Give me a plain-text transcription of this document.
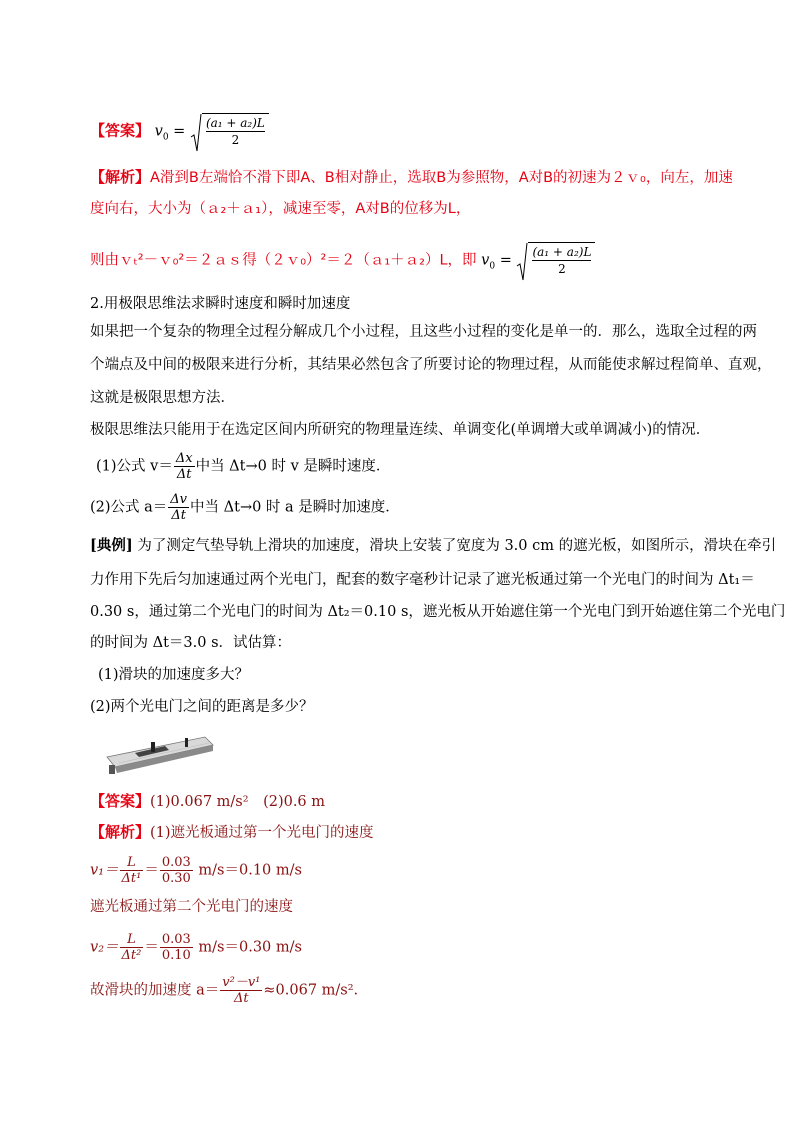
【答案】 $v_0 = \frac{\text{(a₁ + a₂)L}}{2}$
【解析】A滑到B左端恰不滑下即A、B相对静止，选取B为参照物，A对B的初速为２ｖ₀，向左，加速
度向右，大小为（ａ₂＋ａ₁），减速至零，A对B的位移为L，
则由ｖₜ²－ｖ₀²＝２ａｓ得（２ｖ₀）²＝２（ａ₁＋ａ₂）L，即 $v_0 = \frac{\text{(a₁ + a₂)L}}{2}$
2.用极限思维法求瞬时速度和瞬时加速度
如果把一个复杂的物理全过程分解成几个小过程，且这些小过程的变化是单一的．那么，选取全过程的两
个端点及中间的极限来进行分析，其结果必然包含了所要讨论的物理过程，从而能使求解过程简单、直观，
这就是极限思想方法．
极限思维法只能用于在选定区间内所研究的物理量连续、单调变化(单调增大或单调减小)的情况．
(1)公式 $v= \frac{\Delta x}{\Delta t}$ 中当 Δt→0 时 v 是瞬时速度．
(2)公式 $a= \frac{\Delta v}{\Delta t}$ 中当 Δt→0 时 a 是瞬时加速度．
[典例] 为了测定气垫导轨上滑块的加速度，滑块上安装了宽度为 3.0 cm 的遮光板，如图所示，滑块在牵引
力作用下先后匀加速通过两个光电门，配套的数字毫秒计记录了遮光板通过第一个光电门的时间为 Δt₁＝
0.30 s，通过第二个光电门的时间为 Δt₂＝0.10 s，遮光板从开始遮住第一个光电门到开始遮住第二个光电门
的时间为 Δt＝3.0 s．试估算：
(1)滑块的加速度多大？
(2)两个光电门之间的距离是多少？
【答案】(1)0.067 m/s²　(2)0.6 m
【解析】(1)遮光板通过第一个光电门的速度
$v_1= \frac{L}{\text{Δt¹}} = \frac{0.03}{0.30} m/s=0.10$ m/s
遮光板通过第二个光电门的速度
$v_2= \frac{L}{\text{Δt²}} = \frac{0.03}{0.10} m/s=0.30$ m/s
故滑块的加速度 $a= \frac{\text{v²－v¹}}{\Delta t} \approx 0.067$ m/s².
